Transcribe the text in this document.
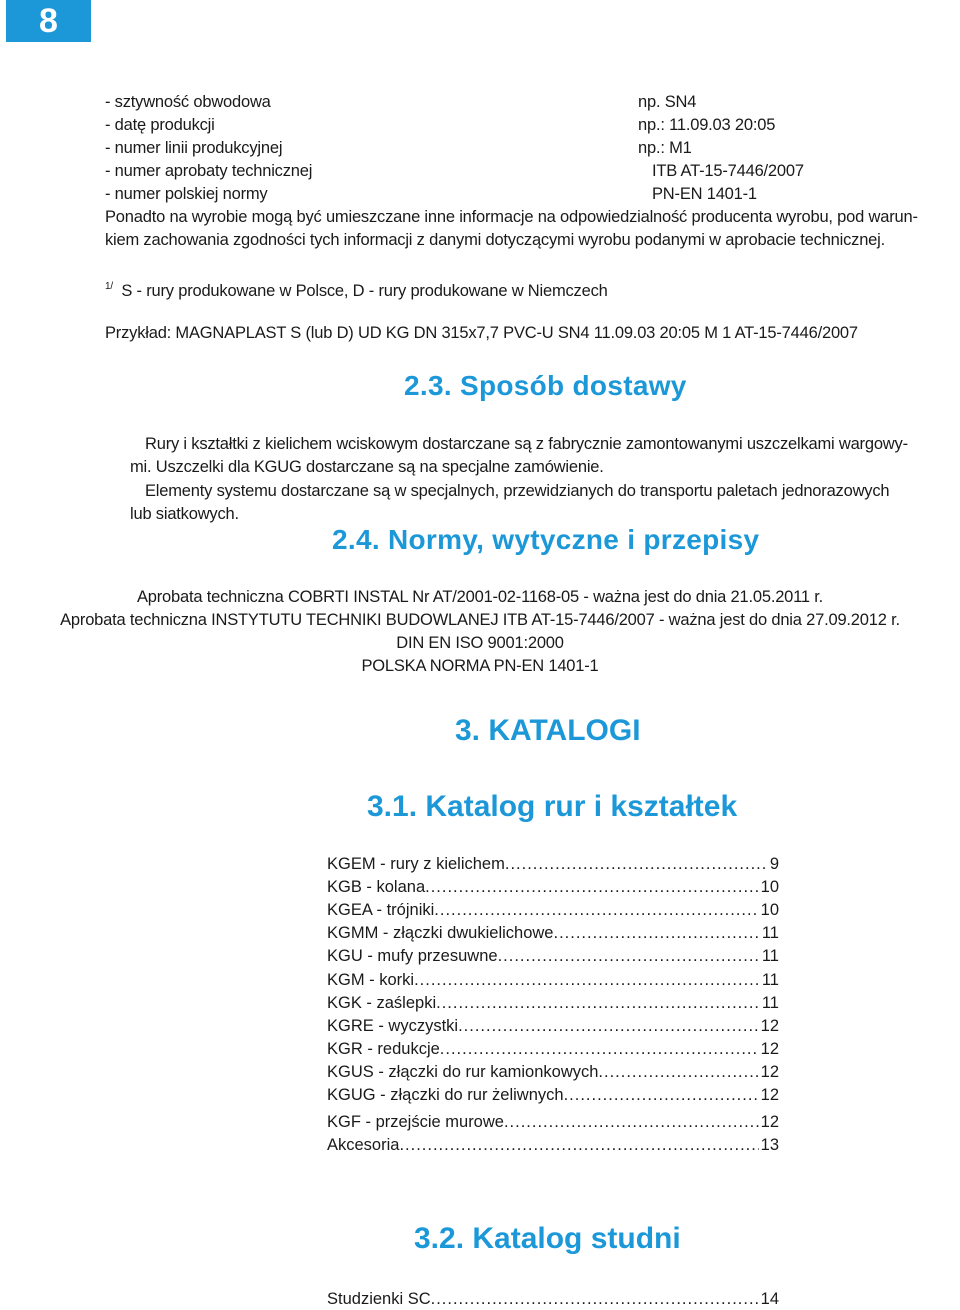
8
- sztywność obwodowa	np. SN4
- datę produkcji	np.: 11.09.03 20:05
- numer linii produkcyjnej	np.: M1
- numer aprobaty technicznej	ITB AT-15-7446/2007
- numer polskiej normy	PN-EN 1401-1
Ponadto na wyrobie mogą być umieszczane inne informacje na odpowiedzialność producenta wyrobu, pod warun-
kiem zachowania zgodności tych informacji z danymi dotyczącymi wyrobu podanymi w aprobacie technicznej.
$^{1/}$ S - rury produkowane w Polsce, D - rury produkowane w Niemczech
Przykład: MAGNAPLAST S (lub D) UD KG DN 315x7,7 PVC-U SN4 11.09.03 20:05 M 1 AT-15-7446/2007
2.3. Sposób dostawy
Rury i kształtki z kielichem wciskowym dostarczane są z fabrycznie zamontowanymi uszczelkami wargowy-
mi. Uszczelki dla KGUG dostarczane są na specjalne zamówienie.
Elementy systemu dostarczane są w specjalnych, przewidzianych do transportu paletach jednorazowych
lub siatkowych.
2.4. Normy, wytyczne i przepisy
Aprobata techniczna COBRTI INSTAL Nr AT/2001-02-1168-05 - ważna jest do dnia 21.05.2011 r.
Aprobata techniczna INSTYTUTU TECHNIKI BUDOWLANEJ ITB AT-15-7446/2007 - ważna jest do dnia 27.09.2012 r.
DIN EN ISO 9001:2000
POLSKA NORMA PN-EN 1401-1
3. KATALOGI
3.1. Katalog rur i kształtek
KGEM - rury z kielichem .....	9
KGB - kolana .....	10
KGEA - trójniki .....	10
KGMM - złączki dwukielichowe .....	11
KGU - mufy przesuwne .....	11
KGM - korki .....	11
KGK - zaślepki .....	11
KGRE - wyczystki .....	12
KGR - redukcje .....	12
KGUS - złączki do rur kamionkowych .....	12
KGUG - złączki do rur żeliwnych .....	12
KGF - przejście murowe .....	12
Akcesoria .....	13
3.2. Katalog studni
Studzienki SC .....	14
